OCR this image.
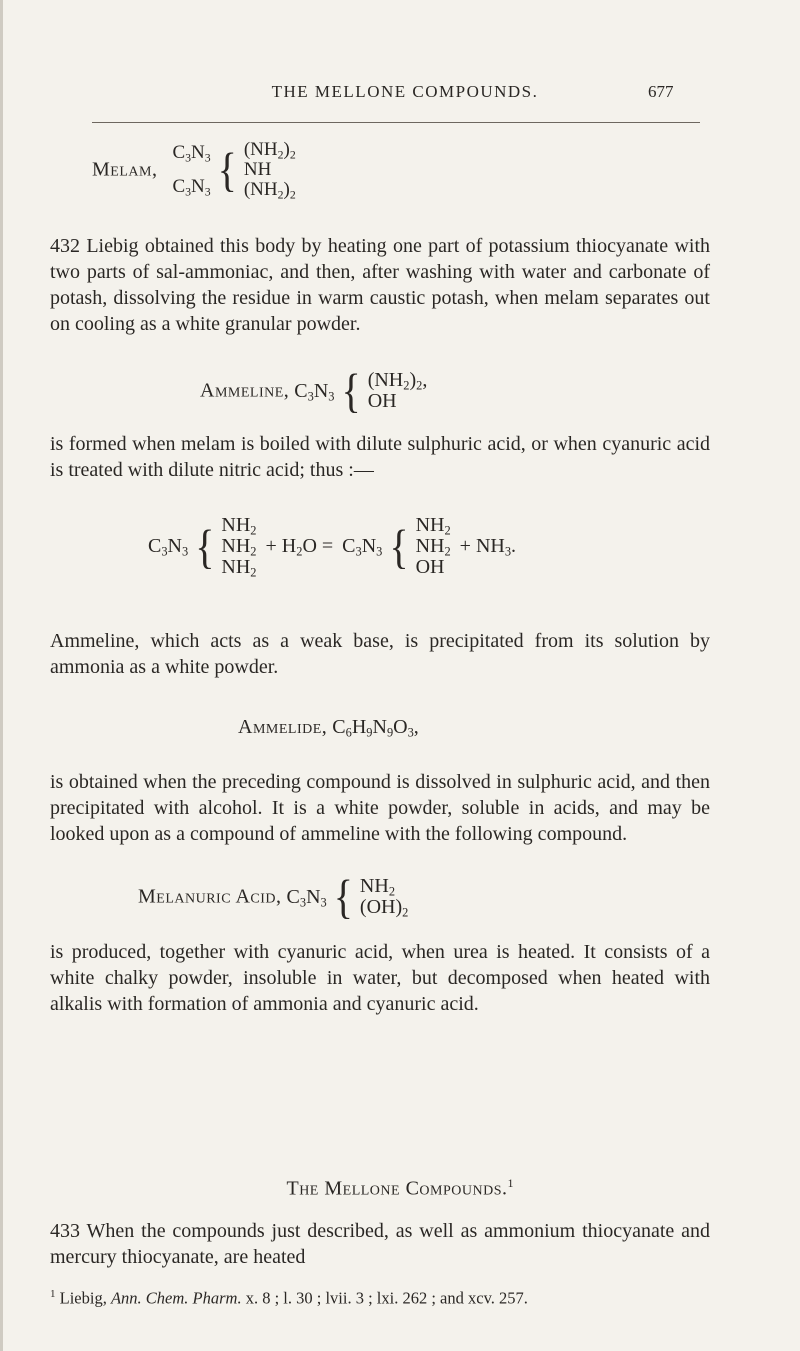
THE MELLONE COMPOUNDS.	677
Melam,
$C_3N_3$
$C_3N_3$ { $(NH_2)_2$
NH
$(NH_2)_2$

432 Liebig obtained this body by heating one part of potassium thiocyanate with two parts of sal-ammoniac, and then, after washing with water and carbonate of potash, dissolving the residue in warm caustic potash, when melam separates out on cooling as a white granular powder.

Ammeline, $C_3N_3$ { $(NH_2)_2$,
OH

is formed when melam is boiled with dilute sulphuric acid, or when cyanuric acid is treated with dilute nitric acid; thus :—

$C_3N_3$ { $NH_2$
$NH_2$
$NH_2$
+ $H_2O = C_3N_3$ { $NH_2$
$NH_2$
OH
+ $NH_3$.

Ammeline, which acts as a weak base, is precipitated from its solution by ammonia as a white powder.

Ammelide, $C_6H_9N_9O_3$,

is obtained when the preceding compound is dissolved in sulphuric acid, and then precipitated with alcohol. It is a white powder, soluble in acids, and may be looked upon as a compound of ammeline with the following compound.

Melanuric Acid, $C_3N_3$ { $NH_2$
$(OH)_2$

is produced, together with cyanuric acid, when urea is heated. It consists of a white chalky powder, insoluble in water, but decomposed when heated with alkalis with formation of ammonia and cyanuric acid.

The Mellone Compounds.$^1$

433 When the compounds just described, as well as ammonium thiocyanate and mercury thiocyanate, are heated

$^1$ Liebig, Ann. Chem. Pharm. x. 8 ; l. 30 ; lvii. 3 ; lxi. 262 ; and xcv. 257.
